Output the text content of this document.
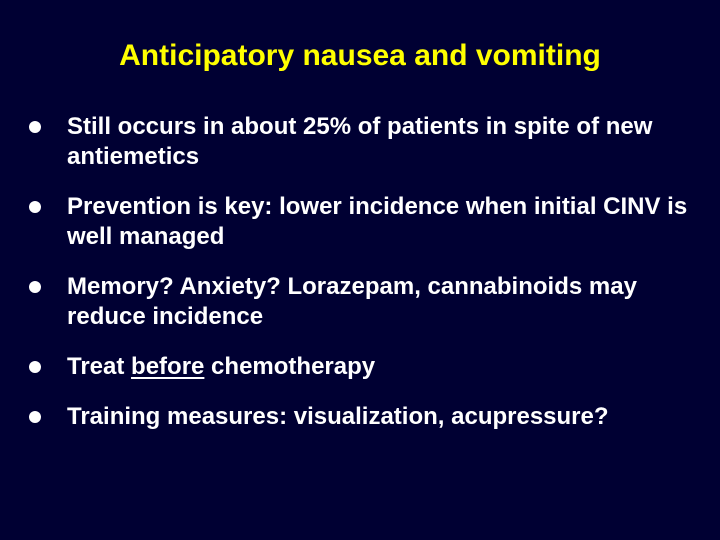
Anticipatory nausea and vomiting
Still occurs in about 25% of patients in spite of new antiemetics
Prevention is key: lower incidence when initial CINV is well managed
Memory? Anxiety? Lorazepam, cannabinoids may reduce incidence
Treat before chemotherapy
Training measures: visualization, acupressure?
